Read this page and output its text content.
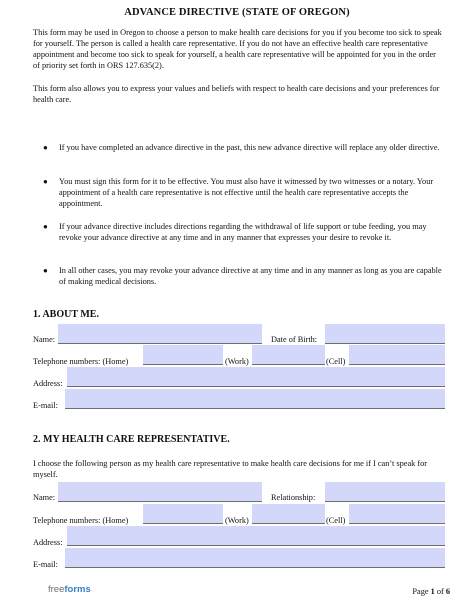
ADVANCE DIRECTIVE (STATE OF OREGON)
This form may be used in Oregon to choose a person to make health care decisions for you if you become too sick to speak for yourself. The person is called a health care representative. If you do not have an effective health care representative appointment and become too sick to speak for yourself, a health care representative will be appointed for you in the order of priority set forth in ORS 127.635(2).
This form also allows you to express your values and beliefs with respect to health care decisions and your preferences for health care.
● If you have completed an advance directive in the past, this new advance directive will replace any older directive.
● You must sign this form for it to be effective. You must also have it witnessed by two witnesses or a notary. Your appointment of a health care representative is not effective until the health care representative accepts the appointment.
● If your advance directive includes directions regarding the withdrawal of life support or tube feeding, you may revoke your advance directive at any time and in any manner that expresses your desire to revoke it.
● In all other cases, you may revoke your advance directive at any time and in any manner as long as you are capable of making medical decisions.
1. ABOUT ME.
Name:	Date of Birth:
Telephone numbers: (Home)	(Work)	(Cell)
Address:
E-mail:
2. MY HEALTH CARE REPRESENTATIVE.
I choose the following person as my health care representative to make health care decisions for me if I can’t speak for myself.
Name:	Relationship:
Telephone numbers: (Home)	(Work)	(Cell)
Address:
E-mail:
freeforms	Page 1 of 6
